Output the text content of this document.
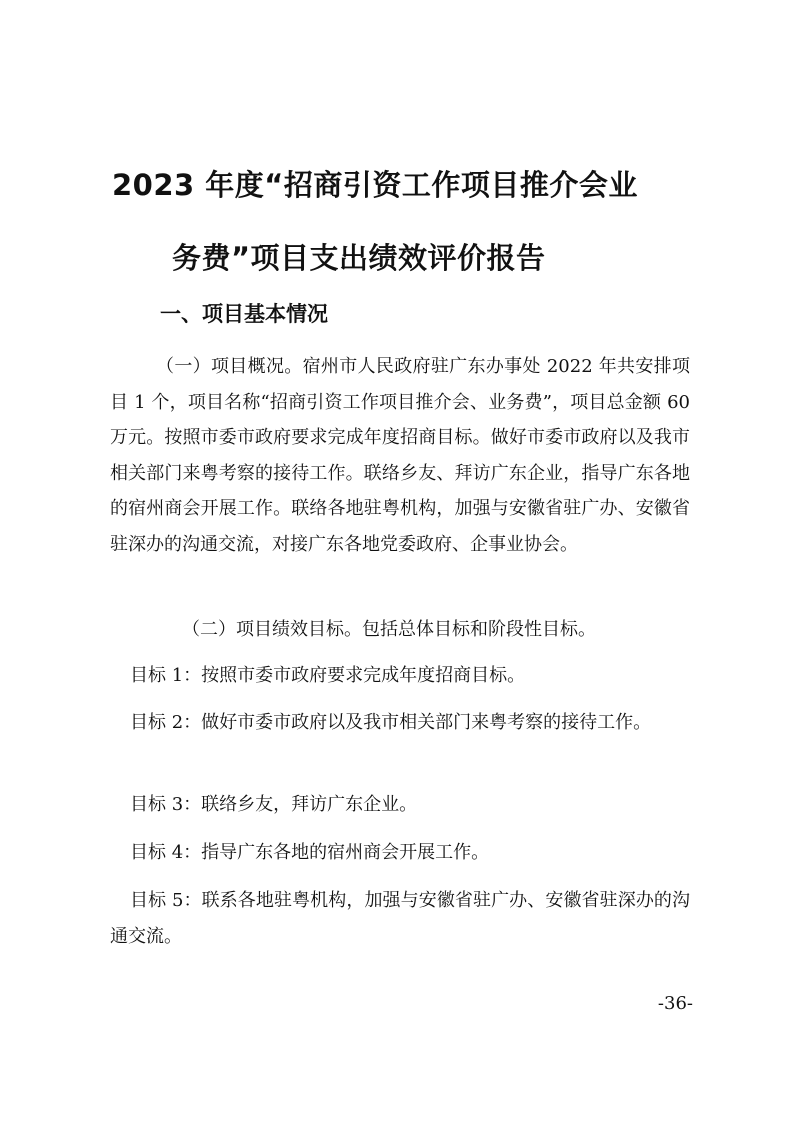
2023 年度“招商引资工作项目推介会业
务费”项目支出绩效评价报告
一、项目基本情况
（一）项目概况。宿州市人民政府驻广东办事处 2022 年共安排项目 1 个，项目名称“招商引资工作项目推介会、业务费”，项目总金额 60 万元。按照市委市政府要求完成年度招商目标。做好市委市政府以及我市相关部门来粤考察的接待工作。联络乡友、拜访广东企业，指导广东各地的宿州商会开展工作。联络各地驻粤机构，加强与安徽省驻广办、安徽省驻深办的沟通交流，对接广东各地党委政府、企事业协会。
（二）项目绩效目标。包括总体目标和阶段性目标。
目标 1：按照市委市政府要求完成年度招商目标。
目标 2：做好市委市政府以及我市相关部门来粤考察的接待工作。
目标 3：联络乡友，拜访广东企业。
目标 4：指导广东各地的宿州商会开展工作。
目标 5：联系各地驻粤机构，加强与安徽省驻广办、安徽省驻深办的沟通交流。
-36-
